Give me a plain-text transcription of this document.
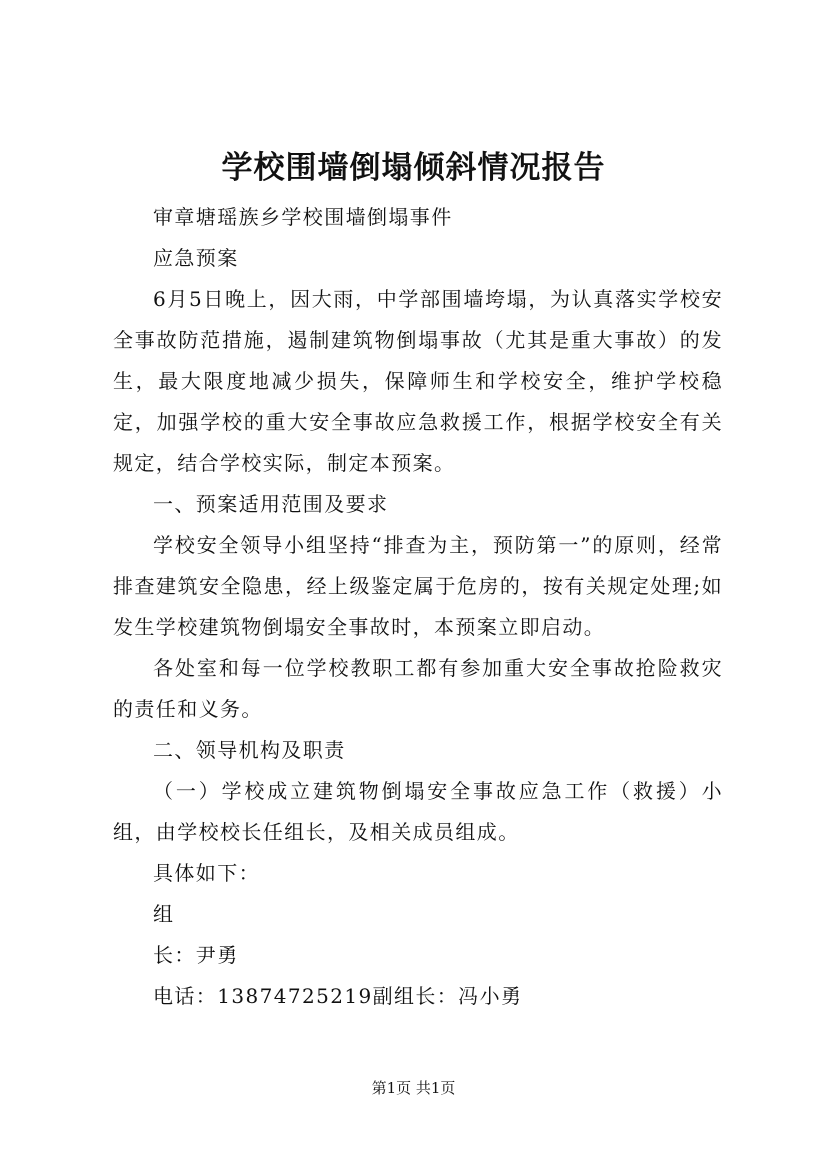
学校围墙倒塌倾斜情况报告

审章塘瑶族乡学校围墙倒塌事件

应急预案

6月5日晚上，因大雨，中学部围墙垮塌，为认真落实学校安全事故防范措施，遏制建筑物倒塌事故（尤其是重大事故）的发生，最大限度地减少损失，保障师生和学校安全，维护学校稳定，加强学校的重大安全事故应急救援工作，根据学校安全有关规定，结合学校实际，制定本预案。

一、预案适用范围及要求

学校安全领导小组坚持“排查为主，预防第一”的原则，经常排查建筑安全隐患，经上级鉴定属于危房的，按有关规定处理;如发生学校建筑物倒塌安全事故时，本预案立即启动。

各处室和每一位学校教职工都有参加重大安全事故抢险救灾的责任和义务。

二、领导机构及职责

（一）学校成立建筑物倒塌安全事故应急工作（救援）小组，由学校校长任组长，及相关成员组成。

具体如下：

组

长：尹勇

电话：13874725219副组长：冯小勇

第1页 共1页
